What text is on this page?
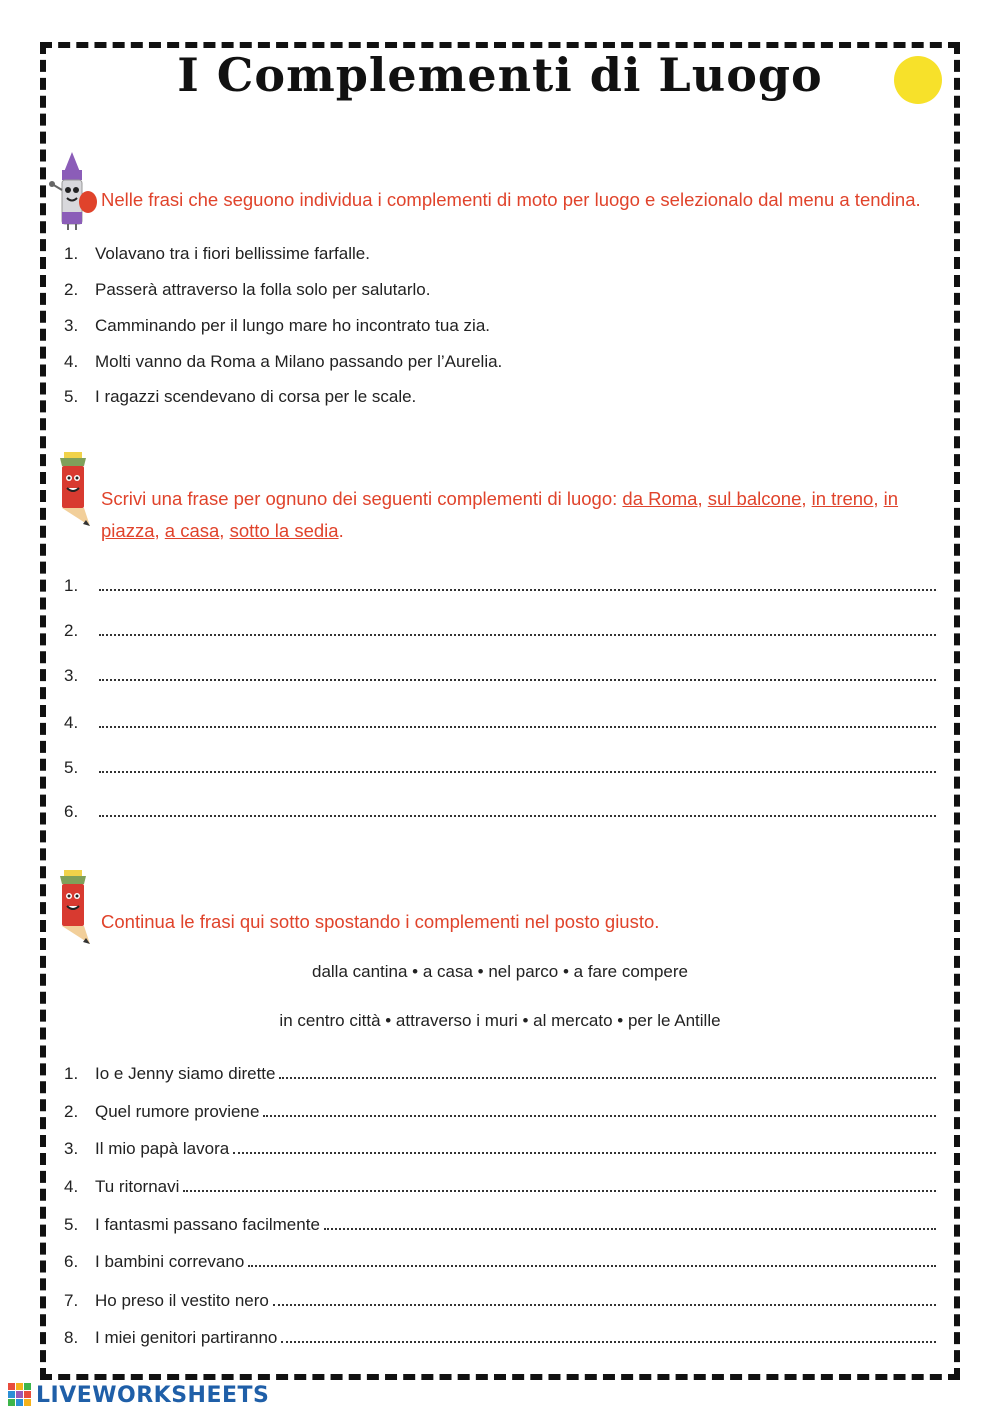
I Complementi di Luogo

Nelle frasi che seguono individua i complementi di moto per luogo e selezionalo dal menu a tendina.

1. Volavano tra i fiori bellissime farfalle.
2. Passerà attraverso la folla solo per salutarlo.
3. Camminando per il lungo mare ho incontrato tua zia.
4. Molti vanno da Roma a Milano passando per l’Aurelia.
5. I ragazzi scendevano di corsa per le scale.

Scrivi una frase per ognuno dei seguenti complementi di luogo: da Roma, sul balcone, in treno, in piazza, a casa, sotto la sedia.

1.
2.
3.
4.
5.
6.

Continua le frasi qui sotto spostando i complementi nel posto giusto.

dalla cantina • a casa • nel parco • a fare compere

in centro città • attraverso i muri • al mercato • per le Antille

1. Io e Jenny siamo dirette
2. Quel rumore proviene
3. Il mio papà lavora
4. Tu ritornavi
5. I fantasmi passano facilmente
6. I bambini correvano
7. Ho preso il vestito nero
8. I miei genitori partiranno
LIVEWORKSHEETS
